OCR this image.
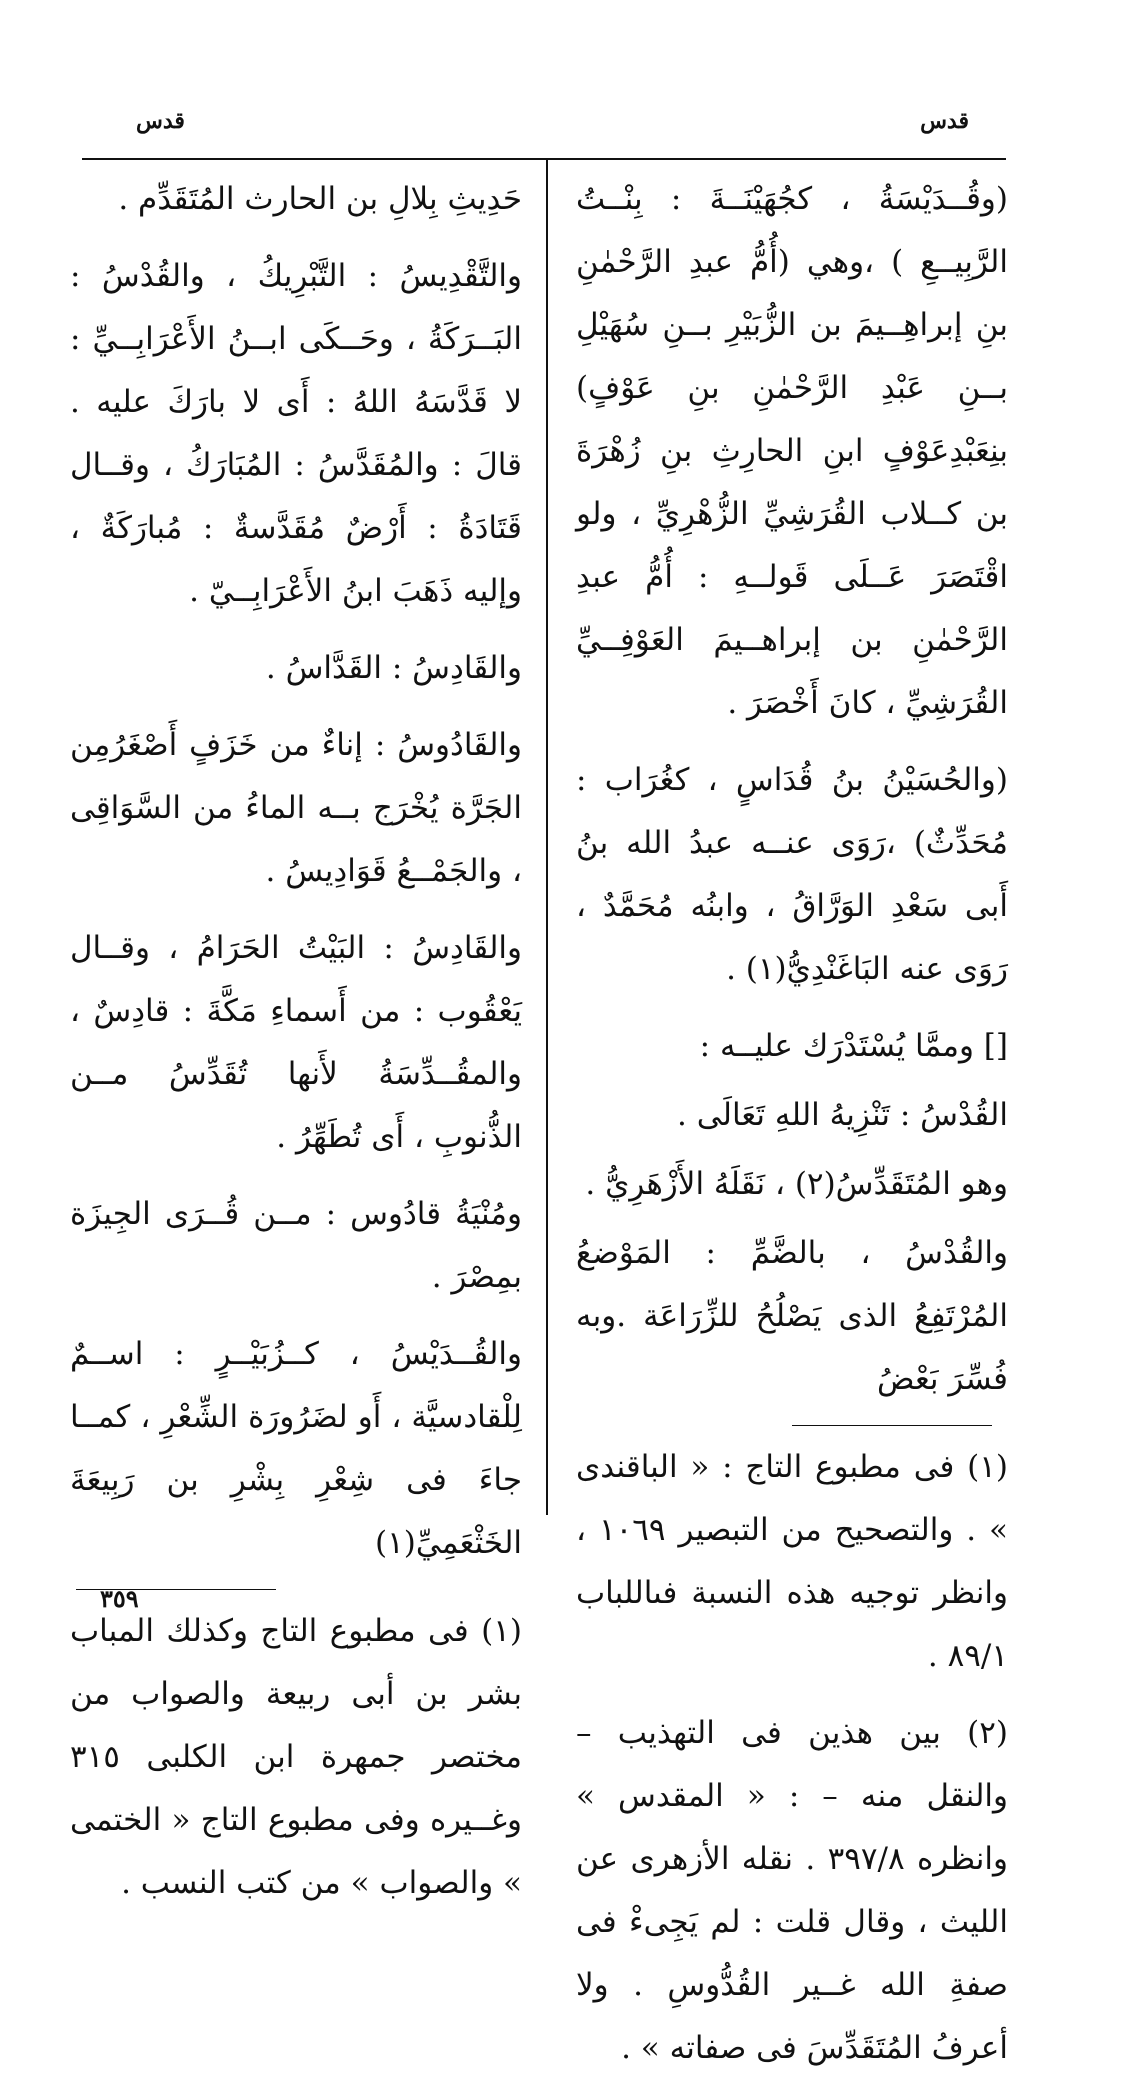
قدس
قدس

(وقُــدَيْسَةُ ، كجُهَيْنَــةَ : بِنْــتُ الرَّبِيــعِ ) ،وهي (أُمُّ عبدِ الرَّحْمٰنِ بنِ إبراهِــيمَ بن الزُّبَيْرِ بــنِ سُهَيْلِ بــنِ عَبْدِ الرَّحْمٰنِ بنِ عَوْفٍ) بنِعَبْدِعَوْفٍ ابنِ الحارِثِ بنِ زُهْرَةَ بن كــلاب القُرَشِيِّ الزُّهْرِيِّ ، ولو اقْتَصَرَ عَــلَى قَولــهِ : أُمُّ عبدِ الرَّحْمٰنِ بن إبراهــيمَ العَوْفِــيِّ القُرَشِيِّ ، كانَ أَخْصَرَ .

(والحُسَيْنُ بنُ قُدَاسٍ ، كغُرَاب : مُحَدِّثٌ) ،رَوَى عنــه عبدُ الله بنُ أَبى سَعْدِ الوَرَّاقُ ، وابنُه مُحَمَّدٌ ، رَوَى عنه البَاغَنْدِيُّ(١) .

[] وممَّا يُسْتَدْرَك عليــه :

القُدْسُ : تَنْزِيهُ اللهِ تَعَالَى .

وهو المُتَقَدِّسُ(٢) ، نَقَلَهُ الأَزْهَرِيُّ .

والقُدْسُ ، بالضَّمِّ : المَوْضعُ المُرْتَفِعُ الذى يَصْلُحُ للزِّرَاعَة .وبه فُسِّرَ بَعْضُ

(١) فى مطبوع التاج : « الباقندى » . والتصحيح من التبصير ١٠٦٩ ، وانظر توجيه هذه النسبة فىاللباب ٨٩/١ .

(٢) بين هذين فى التهذيب – والنقل منه – : « المقدس » وانظره ٣٩٧/٨ . نقله الأزهرى عن الليث ، وقال قلت : لم يَجِىءْ فى صفةِ الله غــير القُدُّوسِ . ولا أعرفُ المُتَقَدِّسَ فى صفاته » .

حَدِيثِ بِلالِ بن الحارث المُتَقَدِّم .

والتَّقْدِيسُ : التَّبْرِيكُ ، والقُدْسُ : البَــرَكَةُ ، وحَــكَى ابــنُ الأَعْرَابِــيِّ : لا قَدَّسَهُ اللهُ : أَى لا بارَكَ عليه . قالَ : والمُقَدَّسُ : المُبَارَكُ ، وقــال قَتَادَةُ : أَرْضٌ مُقَدَّسةٌ : مُبارَكَةٌ ، وإليه ذَهَبَ ابنُ الأَعْرَابِــيّ .

والقَادِسُ : القَدَّاسُ .

والقَادُوسُ : إناءٌ من خَزَفٍ أَصْغَرُمِن الجَرَّة يُخْرَج بــه الماءُ من السَّوَاقِى ، والجَمْــعُ قَوَادِيسُ .

والقَادِسُ : البَيْتُ الحَرَامُ ، وقــال يَعْقُوب : من أَسماءِ مَكَّةَ : قادِسٌ ، والمقُــدِّسَةُ لأَنها تُقَدِّسُ مــن الذُّنوبِ ، أَى تُطَهِّرُ .

ومُنْيَةُ قادُوس : مــن قُــرَى الجِيزَة بمِصْرَ .

والقُــدَيْسُ ، كــزُبَيْــرٍ : اســمٌ لِلْقادسيَّة ، أَو لضَرُورَة الشِّعْرِ ، كمــا جاءَ فى شِعْرِ بِشْرِ بن رَبِيعَةَ الخَثْعَمِيِّ(١)

(١) فى مطبوع التاج وكذلك المباب بشر بن أبى ربيعة والصواب من مختصر جمهرة ابن الكلبى ٣١٥ وغــيره وفى مطبوع التاج « الختمى » والصواب » من كتب النسب .

٣٥٩
